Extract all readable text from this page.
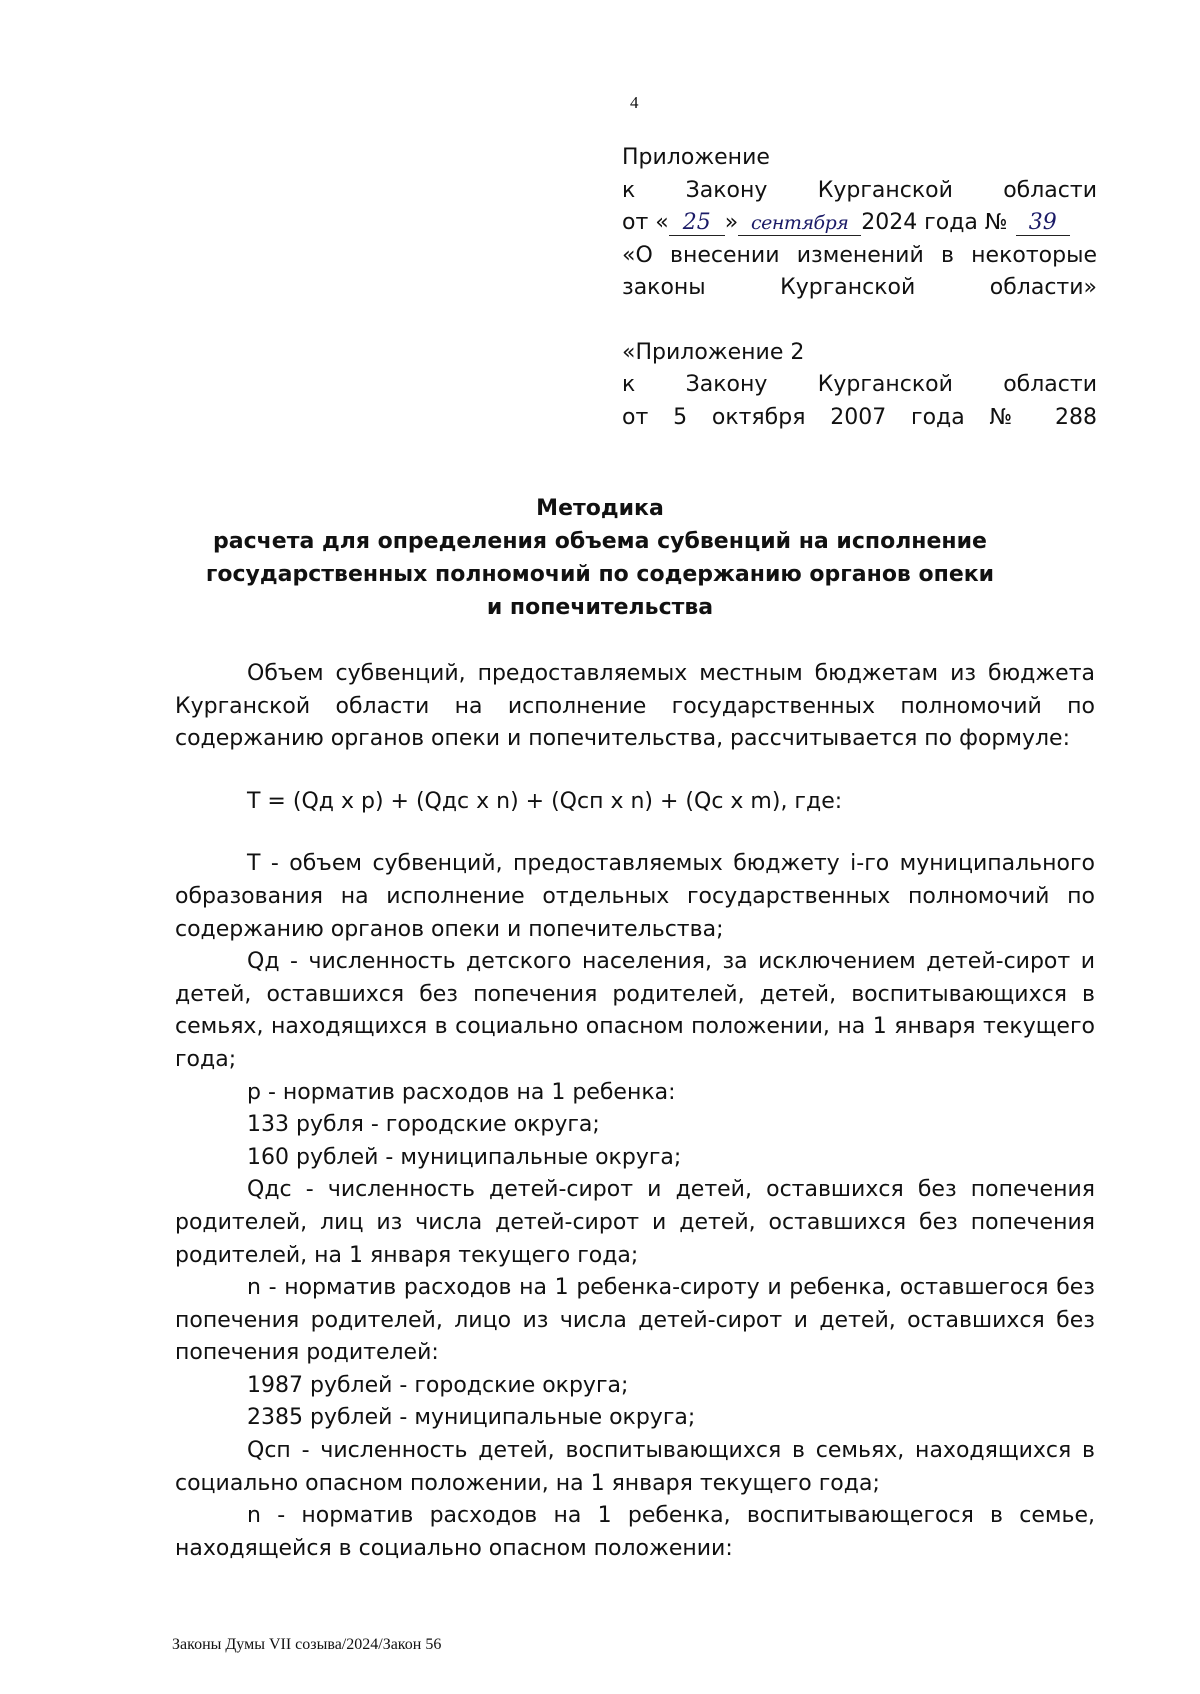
4
Приложение
к Закону Курганской области
от « 25 » сентября 2024 года № 39
«О внесении изменений в некоторые
законы Курганской области»
«Приложение 2
к Закону Курганской области
от 5 октября 2007 года № 288
Методика
расчета для определения объема субвенций на исполнение
государственных полномочий по содержанию органов опеки
и попечительства
Объем субвенций, предоставляемых местным бюджетам из бюджета Курганской области на исполнение государственных полномочий по содержанию органов опеки и попечительства, рассчитывается по формуле:
T = (Qд x p) + (Qдс x n) + (Qсп x n) + (Qс x m), где:
T - объем субвенций, предоставляемых бюджету i-го муниципального образования на исполнение отдельных государственных полномочий по содержанию органов опеки и попечительства;
Qд - численность детского населения, за исключением детей-сирот и детей, оставшихся без попечения родителей, детей, воспитывающихся в семьях, находящихся в социально опасном положении, на 1 января текущего года;
p - норматив расходов на 1 ребенка:
133 рубля - городские округа;
160 рублей - муниципальные округа;
Qдс - численность детей-сирот и детей, оставшихся без попечения родителей, лиц из числа детей-сирот и детей, оставшихся без попечения родителей, на 1 января текущего года;
n - норматив расходов на 1 ребенка-сироту и ребенка, оставшегося без попечения родителей, лицо из числа детей-сирот и детей, оставшихся без попечения родителей:
1987 рублей - городские округа;
2385 рублей - муниципальные округа;
Qсп - численность детей, воспитывающихся в семьях, находящихся в социально опасном положении, на 1 января текущего года;
n - норматив расходов на 1 ребенка, воспитывающегося в семье, находящейся в социально опасном положении:
Законы Думы VII созыва/2024/Закон 56
